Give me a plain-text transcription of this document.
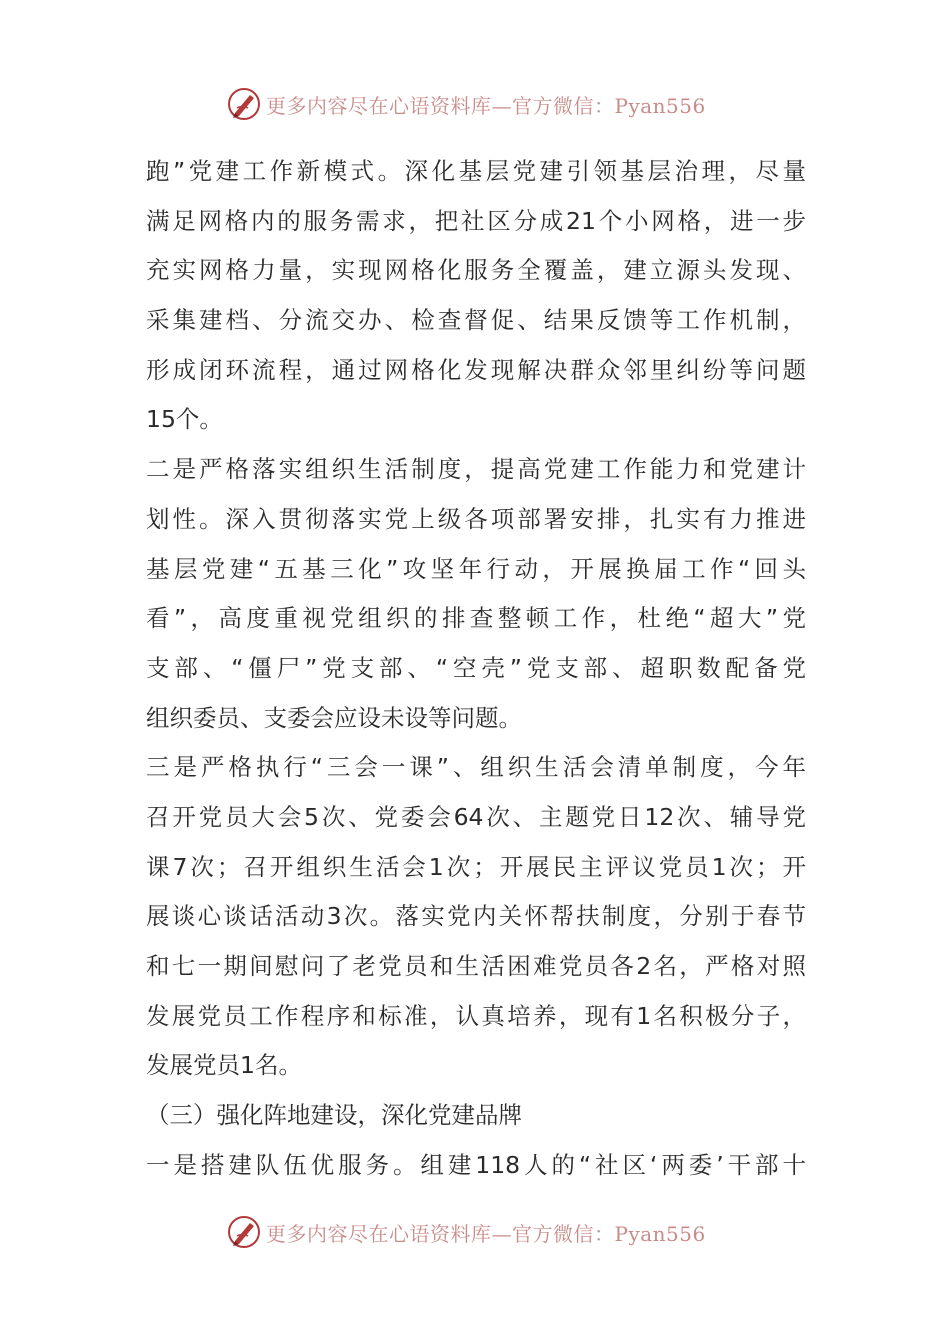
更多内容尽在心语资料库—官方微信：Pyan556
跑”党建工作新模式。深化基层党建引领基层治理，尽量
满足网格内的服务需求，把社区分成21个小网格，进一步
充实网格力量，实现网格化服务全覆盖，建立源头发现、
采集建档、分流交办、检查督促、结果反馈等工作机制，
形成闭环流程，通过网格化发现解决群众邻里纠纷等问题
15个。
二是严格落实组织生活制度，提高党建工作能力和党建计
划性。深入贯彻落实党上级各项部署安排，扎实有力推进
基层党建“五基三化”攻坚年行动，开展换届工作“回头
看”，高度重视党组织的排查整顿工作，杜绝“超大”党
支部、“僵尸”党支部、“空壳”党支部、超职数配备党
组织委员、支委会应设未设等问题。
三是严格执行“三会一课”、组织生活会清单制度，今年
召开党员大会5次、党委会64次、主题党日12次、辅导党
课7次；召开组织生活会1次；开展民主评议党员1次；开
展谈心谈话活动3次。落实党内关怀帮扶制度，分别于春节
和七一期间慰问了老党员和生活困难党员各2名，严格对照
发展党员工作程序和标准，认真培养，现有1名积极分子，
发展党员1名。
（三）强化阵地建设，深化党建品牌
一是搭建队伍优服务。组建118人的“社区‘两委’干部十
更多内容尽在心语资料库—官方微信：Pyan556
